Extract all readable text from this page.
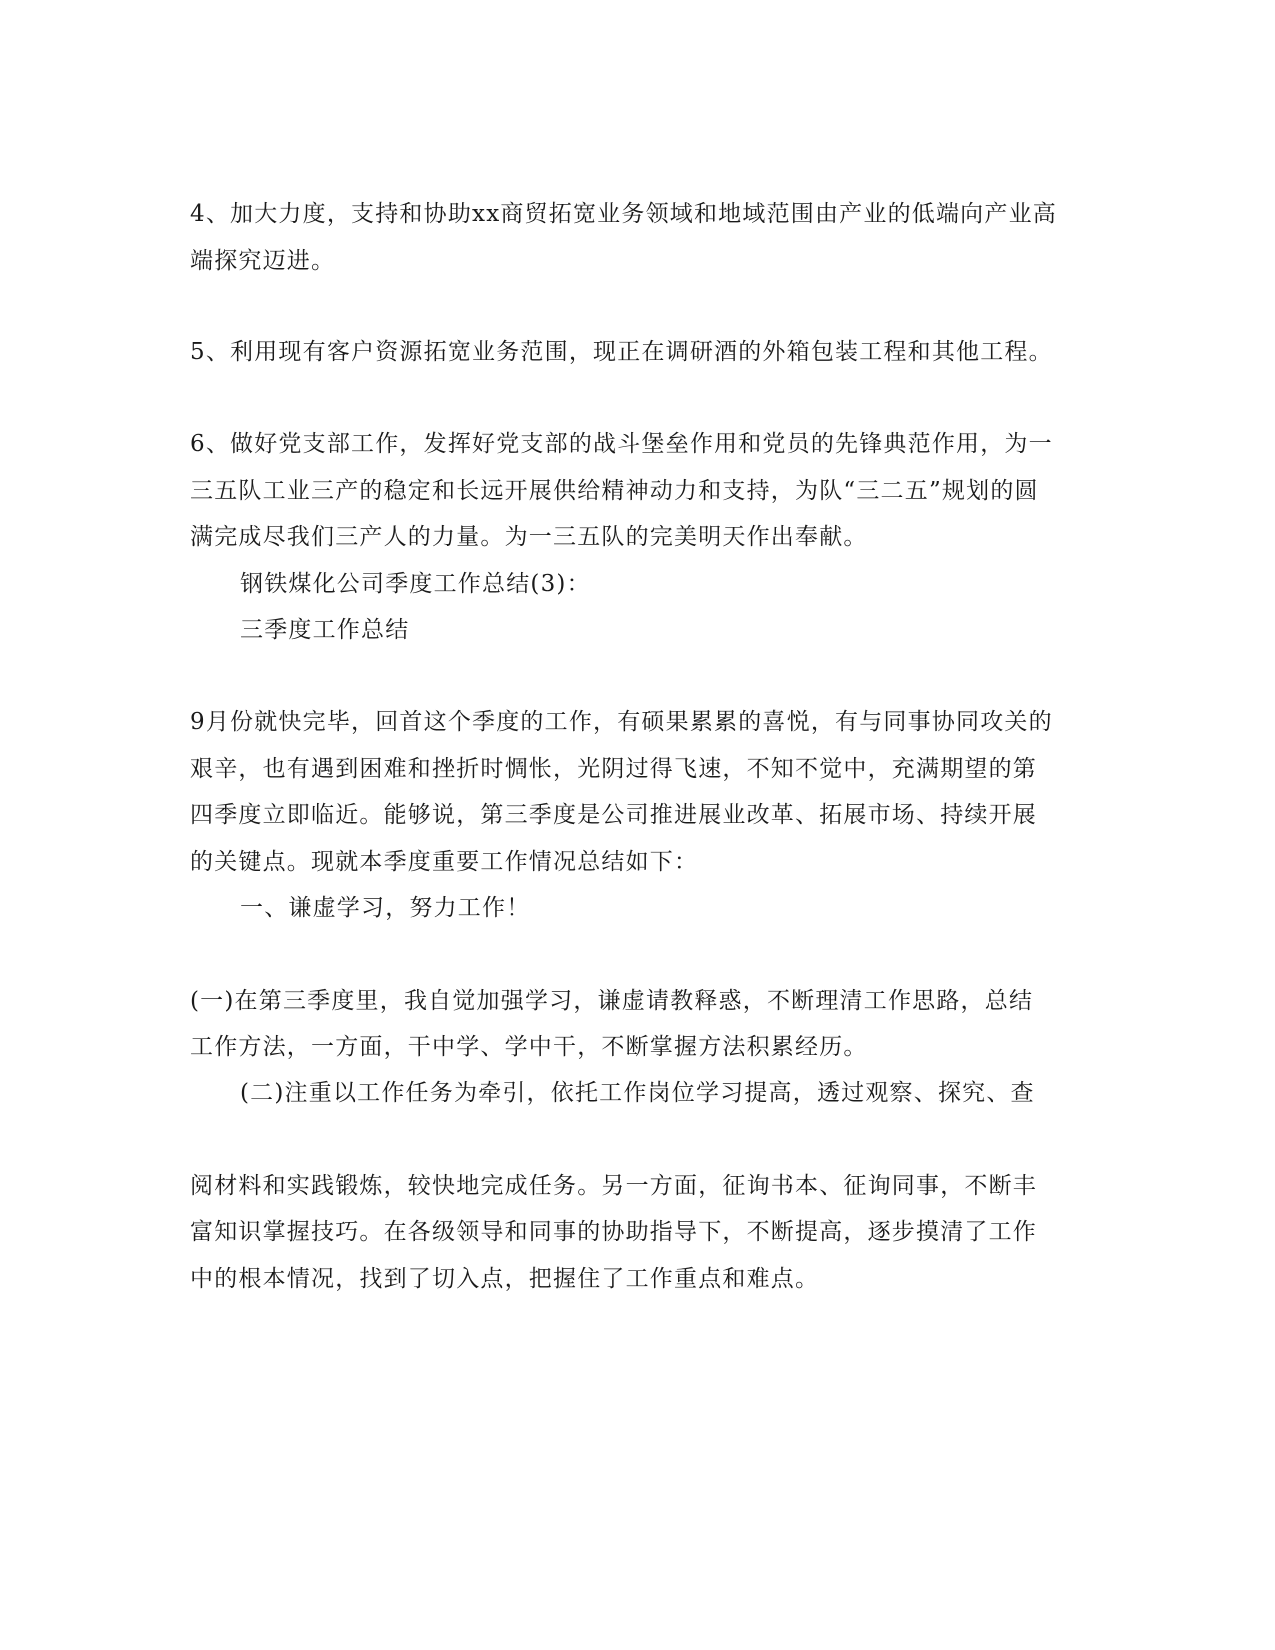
4、加大力度，支持和协助xx商贸拓宽业务领域和地域范围由产业的低端向产业高
端探究迈进。
5、利用现有客户资源拓宽业务范围，现正在调研酒的外箱包装工程和其他工程。
6、做好党支部工作，发挥好党支部的战斗堡垒作用和党员的先锋典范作用，为一
三五队工业三产的稳定和长远开展供给精神动力和支持，为队“三二五”规划的圆
满完成尽我们三产人的力量。为一三五队的完美明天作出奉献。
钢铁煤化公司季度工作总结(3)：
三季度工作总结
9月份就快完毕，回首这个季度的工作，有硕果累累的喜悦，有与同事协同攻关的
艰辛，也有遇到困难和挫折时惆怅，光阴过得飞速，不知不觉中，充满期望的第
四季度立即临近。能够说，第三季度是公司推进展业改革、拓展市场、持续开展
的关键点。现就本季度重要工作情况总结如下：
一、谦虚学习，努力工作！
(一)在第三季度里，我自觉加强学习，谦虚请教释惑，不断理清工作思路，总结
工作方法，一方面，干中学、学中干，不断掌握方法积累经历。
(二)注重以工作任务为牵引，依托工作岗位学习提高，透过观察、探究、查
阅材料和实践锻炼，较快地完成任务。另一方面，征询书本、征询同事，不断丰
富知识掌握技巧。在各级领导和同事的协助指导下，不断提高，逐步摸清了工作
中的根本情况，找到了切入点，把握住了工作重点和难点。
